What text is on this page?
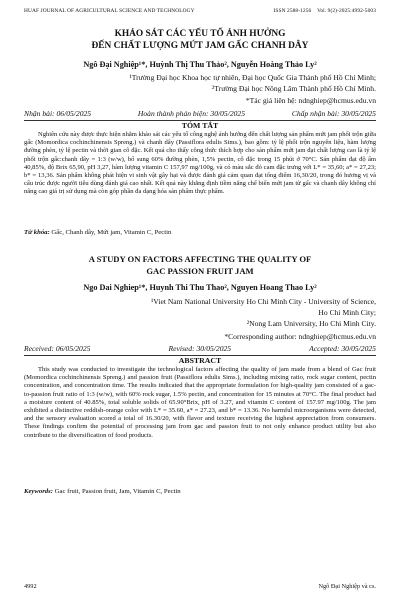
HUAF JOURNAL OF AGRICULTURAL SCIENCE AND TECHNOLOGY	ISSN 2588-1256 Vol. 9(2)-2025:4992-5003
KHẢO SÁT CÁC YẾU TỐ ẢNH HƯỞNG
ĐẾN CHẤT LƯỢNG MỨT JAM GẤC CHANH DÂY
Ngô Đại Nghiệp¹*, Huỳnh Thị Thu Thảo², Nguyễn Hoàng Thảo Ly²
¹Trường Đại học Khoa học tự nhiên, Đại học Quốc Gia Thành phố Hồ Chí Minh;
²Trường Đại học Nông Lâm Thành phố Hồ Chí Minh.
*Tác giả liên hệ: ndnghiep@hcmus.edu.vn
Nhận bài: 06/05/2025	Hoàn thành phản biện: 30/05/2025	Chấp nhận bài: 30/05/2025
TÓM TẮT
Nghiên cứu này được thực hiện nhằm khảo sát các yếu tố công nghệ ảnh hưởng đến chất lượng sản phẩm mứt jam phối trộn giữa gấc (Momordica cochinchinensis Spreng.) và chanh dây (Passiflora edulis Sims.), bao gồm: tỷ lệ phối trộn nguyên liệu, hàm lượng đường phèn, tỷ lệ pectin và thời gian cô đặc. Kết quả cho thấy công thức thích hợp cho sản phẩm mứt jam đạt chất lượng cao là tỷ lệ phối trộn gấc:chanh dây = 1:3 (w/w), bổ sung 60% đường phèn, 1,5% pectin, cô đặc trong 15 phút ở 70°C. Sản phẩm đạt độ ẩm 40,85%, độ Brix 65,90, pH 3,27, hàm lượng vitamin C 157,97 mg/100g, và có màu sắc đỏ cam đặc trưng với L* = 35,60; a* = 27,23; b* = 13,36. Sản phẩm không phát hiện vi sinh vật gây hại và được đánh giá cảm quan đạt tổng điểm 16,30/20, trong đó hương vị và cấu trúc được người tiêu dùng đánh giá cao nhất. Kết quả này khẳng định tiềm năng chế biến mứt jam từ gấc và chanh dây không chỉ nâng cao giá trị sử dụng mà còn góp phần đa dạng hóa sản phẩm thực phẩm.
Từ khóa: Gấc, Chanh dây, Mứt jam, Vitamin C, Pectin
A STUDY ON FACTORS AFFECTING THE QUALITY OF
GAC PASSION FRUIT JAM
Ngo Dai Nghiep¹*, Huynh Thi Thu Thao², Nguyen Hoang Thao Ly²
¹Viet Nam National University Ho Chi Minh City - University of Science,
Ho Chi Minh City;
²Nong Lam University, Ho Chi Minh City.
*Corresponding author: ndnghiep@hcmus.edu.vn
Received: 06/05/2025	Revised: 30/05/2025	Accepted: 30/05/2025
ABSTRACT
This study was conducted to investigate the technological factors affecting the quality of jam made from a blend of Gac fruit (Momordica cochinchinensis Spreng.) and passion fruit (Passiflora edulis Sims.), including mixing ratio, rock sugar content, pectin concentration, and concentration time. The results indicated that the appropriate formulation for high-quality jam consisted of a gac-to-passion fruit ratio of 1:3 (w/w), with 60% rock sugar, 1.5% pectin, and concentration for 15 minutes at 70°C. The final product had a moisture content of 40.85%, total soluble solids of 65.90°Brix, pH of 3.27, and vitamin C content of 157.97 mg/100g. The jam exhibited a distinctive reddish-orange color with L* = 35.60, a* = 27.23, and b* = 13.36. No harmful microorganisms were detected, and the sensory evaluation scored a total of 16.30/20, with flavor and texture receiving the highest appreciation from consumers. These findings confirm the potential of processing jam from gac and passion fruit to not only enhance product utility but also contribute to the diversification of food products.
Keywords: Gac fruit, Passion fruit, Jam, Vitamin C, Pectin
4992	Ngô Đại Nghiệp và cs.
